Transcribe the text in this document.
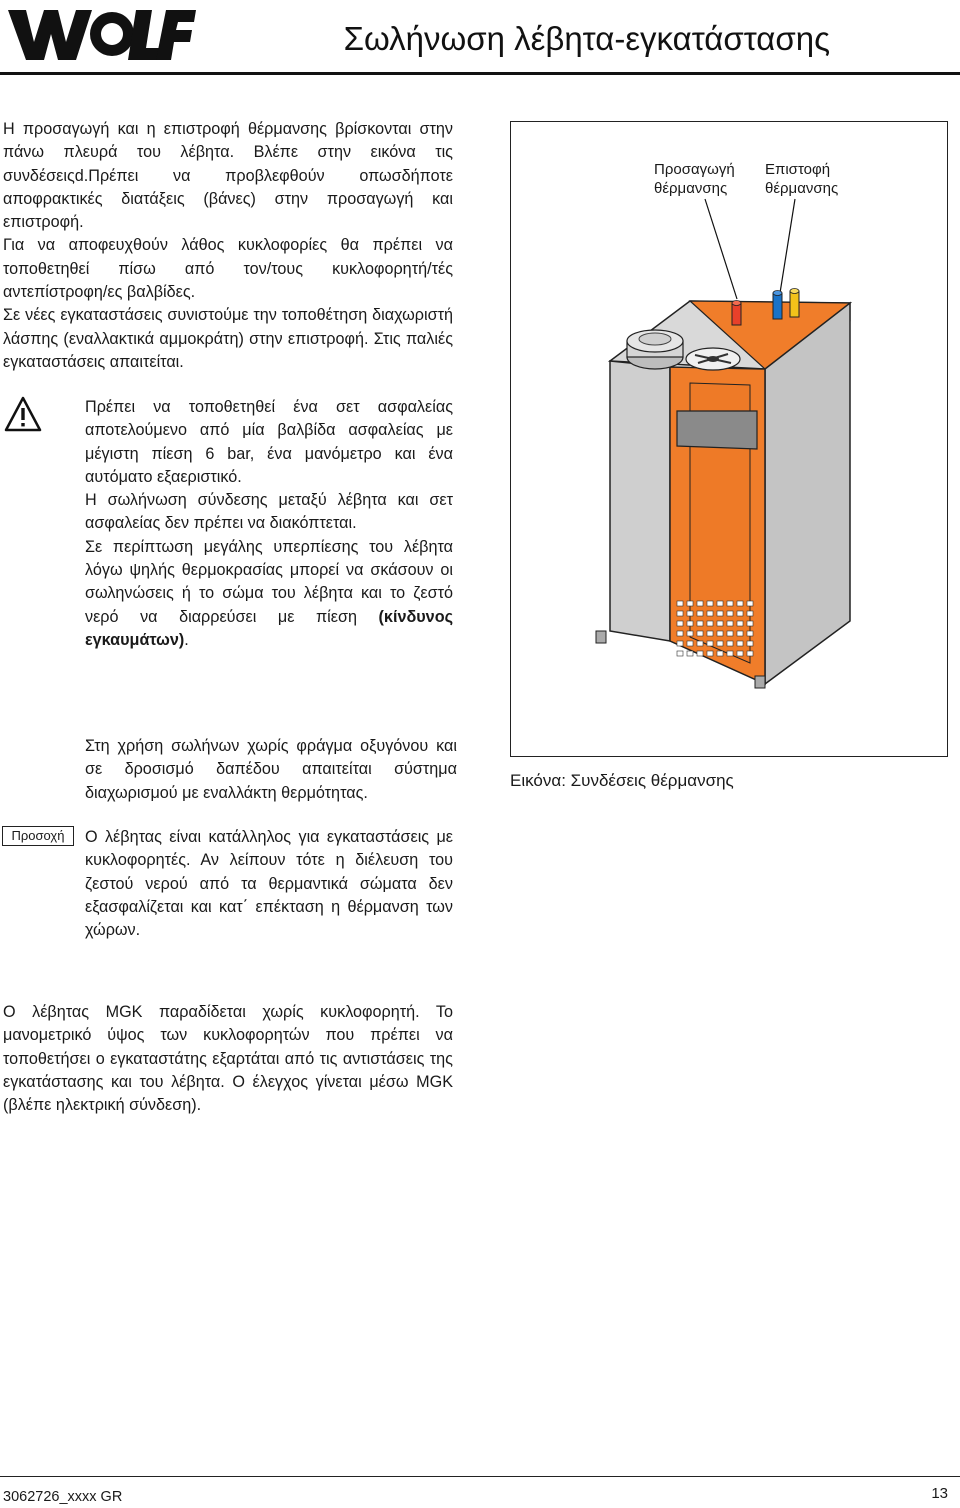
Σωλήνωση λέβητα-εγκατάστασης

Η προσαγωγή και η επιστροφή θέρμανσης βρίσκονται στην πάνω πλευρά του λέβητα. Βλέπε στην εικόνα τις συνδέσειςd.Πρέπει να προβλεφθούν οπωσδήποτε αποφρακτικές διατάξεις (βάνες) στην προσαγωγή και επιστροφή.

Για να αποφευχθούν λάθος κυκλοφορίες θα πρέπει να τοποθετηθεί πίσω από τον/τους κυκλοφορητή/τές αντεπίστροφη/ες βαλβίδες.

Σε νέες εγκαταστάσεις συνιστούμε την τοποθέτηση διαχωριστή λάσπης (εναλλακτικά αμμοκράτη) στην επιστροφή. Στις παλιές εγκαταστάσεις απαιτείται.

Πρέπει να τοποθετηθεί ένα σετ ασφαλείας αποτελούμενο από μία βαλβίδα ασφαλείας με μέγιστη πίεση 6 bar, ένα μανόμετρο και ένα αυτόματο εξαεριστικό.

Η σωλήνωση σύνδεσης μεταξύ λέβητα και σετ ασφαλείας δεν πρέπει να διακόπτεται.

Σε περίπτωση μεγάλης υπερπίεσης του λέβητα λόγω ψηλής θερμοκρασίας μπορεί να σκάσουν οι σωληνώσεις ή το σώμα του λέβητα και το ζεστό νερό να διαρρεύσει με πίεση (κίνδυνος εγκαυμάτων).

Προσαγωγή
θέρμανσης
Επιστοφή
θέρμανσης
Εικόνα: Συνδέσεις θέρμανσης

Στη χρήση σωλήνων χωρίς φράγμα οξυγόνου και σε δροσισμό δαπέδου απαιτείται σύστημα διαχωρισμού με εναλλάκτη θερμότητας.

Προσοχή	Ο λέβητας είναι κατάλληλος για εγκαταστάσεις με κυκλοφορητές. Αν λείπουν τότε η διέλευση του ζεστού νερού από τα θερμαντικά σώματα δεν εξασφαλίζεται και κατ΄ επέκταση η θέρμανση των χώρων.

Ο λέβητας MGK παραδίδεται χωρίς κυκλοφορητή. Το μανομετρικό ύψος των κυκλοφορητών που πρέπει να τοποθετήσει ο εγκαταστάτης εξαρτάται από τις αντιστάσεις της εγκατάστασης και του λέβητα. Ο έλεγχος γίνεται μέσω MGK (βλέπε ηλεκτρική σύνδεση).

3062726_xxxx GR	13
